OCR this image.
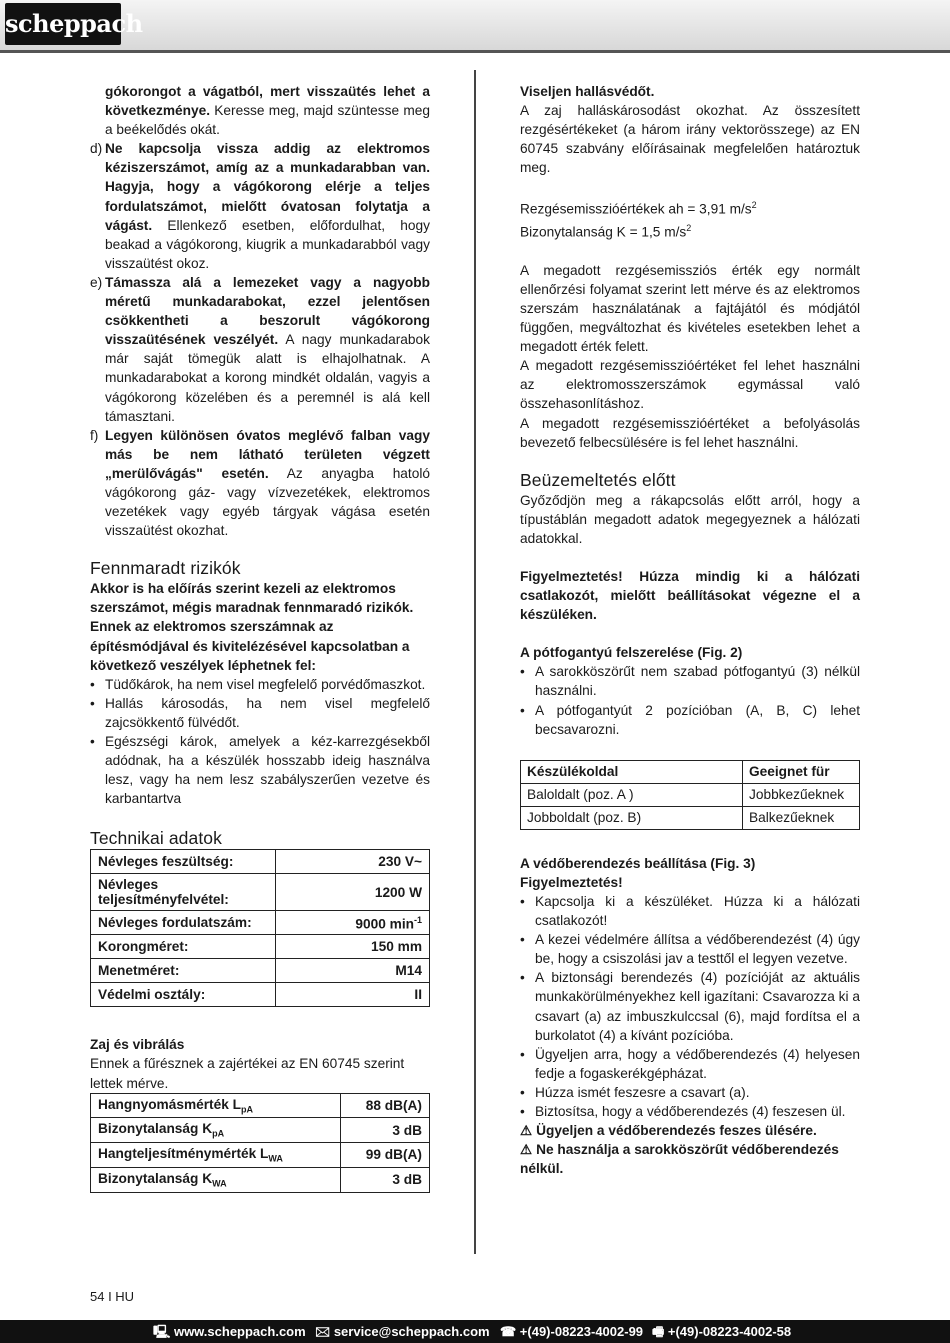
scheppach

gókorongot a vágatból, mert visszaütés lehet a következménye. Keresse meg, majd szüntesse meg a beékelődés okát.

d) Ne kapcsolja vissza addig az elektromos kéziszerszámot, amíg az a munkadarabban van. Hagyja, hogy a vágókorong elérje a teljes fordulatszámot, mielőtt óvatosan folytatja a vágást. Ellenkező esetben, előfordulhat, hogy beakad a vágókorong, kiugrik a munkadarabból vagy visszaütést okoz.
e) Támassza alá a lemezeket vagy a nagyobb méretű munkadarabokat, ezzel jelentősen csökkentheti a beszorult vágókorong visszaütésének veszélyét. A nagy munkadarabok már saját tömegük alatt is elhajolhatnak. A munkadarabokat a korong mindkét oldalán, vagyis a vágókorong közelében és a peremnél is alá kell támasztani.
f) Legyen különösen óvatos meglévő falban vagy más be nem látható területen végzett „merülővágás" esetén. Az anyagba hatoló vágókorong gáz- vagy vízvezetékek, elektromos vezetékek vagy egyéb tárgyak vágása esetén visszaütést okozhat.
Fennmaradt rizikók

Akkor is ha előírás szerint kezeli az elektromos szerszámot, mégis maradnak fennmaradó rizikók. Ennek az elektromos szerszámnak az építésmódjával és kivitelézésével kapcsolatban a következő veszélyek léphetnek fel:

• Tüdőkárok, ha nem visel megfelelő porvédőmaszkot.
• Hallás károsodás, ha nem visel megfelelő zajcsökkentő fülvédőt.
• Egészségi károk, amelyek a kéz-karrezgésekből adódnak, ha a készülék hosszabb ideig használva lesz, vagy ha nem lesz szabályszerűen vezetve és karbantartva
Technikai adatok
Névleges feszültség:	230 V~
Névleges teljesítményfelvétel:	1200 W
Névleges fordulatszám:	9000 $\min^{-1}$
Korongméret:	150 mm
Menetméret:	M14
Védelmi osztály:	II

Zaj és vibrálás

Ennek a fűrésznek a zajértékei az EN 60745 szerint lettek mérve.

Hangnyomásmérték $L_{pA}$	88 dB(A)
Bizonytalanság $K_{pA}$	3 dB
Hangteljesítménymérték $L_{WA}$	99 dB(A)
Bizonytalanság $K_{WA}$	3 dB

Viseljen hallásvédőt.

A zaj halláskárosodást okozhat. Az összesített rezgésértékeket (a három irány vektorösszege) az EN 60745 szabvány előírásainak megfelelően határoztuk meg.

Rezgésemisszióértékek ah = 3,91 $m/s^2$

Bizonytalanság K = 1,5 $m/s^2$

A megadott rezgésemissziós érték egy normált ellenőrzési folyamat szerint lett mérve és az elektromos szerszám használatának a fajtájától és módjától függően, megváltozhat és kivételes esetekben lehet a megadott érték felett.

A megadott rezgésemisszióértéket fel lehet használni az elektromosszerszámok egymással való összehasonlításhoz.

A megadott rezgésemisszióértéket a befolyásolás bevezető felbecsülésére is fel lehet használni.

Beüzemeltetés előtt

Győződjön meg a rákapcsolás előtt arról, hogy a típustáblán megadott adatok megegyeznek a hálózati adatokkal.

Figyelmeztetés! Húzza mindig ki a hálózati csatlakozót, mielőtt beállításokat végezne el a készüléken.

A pótfogantyú felszerelése (Fig. 2)

• A sarokköszörűt nem szabad pótfogantyú (3) nélkül használni.
• A pótfogantyút 2 pozícióban (A, B, C) lehet becsavarozni.
Készülékoldal	Geeignet für
Baloldalt (poz. A )	Jobbkezűeknek
Jobboldalt (poz. B)	Balkezűeknek

A védőberendezés beállítása (Fig. 3)

Figyelmeztetés!

• Kapcsolja ki a készüléket. Húzza ki a hálózati csatlakozót!
• A kezei védelmére állítsa a védőberendezést (4) úgy be, hogy a csiszolási jav a testtől el legyen vezetve.
• A biztonsági berendezés (4) pozícióját az aktuális munkakörülményekhez kell igazítani: Csavarozza ki a csavart (a) az imbuszkulccsal (6), majd fordítsa el a burkolatot (4) a kívánt pozícióba.
• Ügyeljen arra, hogy a védőberendezés (4) helyesen fedje a fogaskerékgépházat.
• Húzza ismét feszesre a csavart (a).
• Biztosítsa, hogy a védőberendezés (4) feszesen ül.

⚠ Ügyeljen a védőberendezés feszes ülésére.

⚠ Ne használja a sarokköszörűt védőberendezés nélkül.

54 I HU
🖳 www.scheppach.com 🖂 service@scheppach.com ☎ +(49)-08223-4002-99 🖷 +(49)-08223-4002-58
